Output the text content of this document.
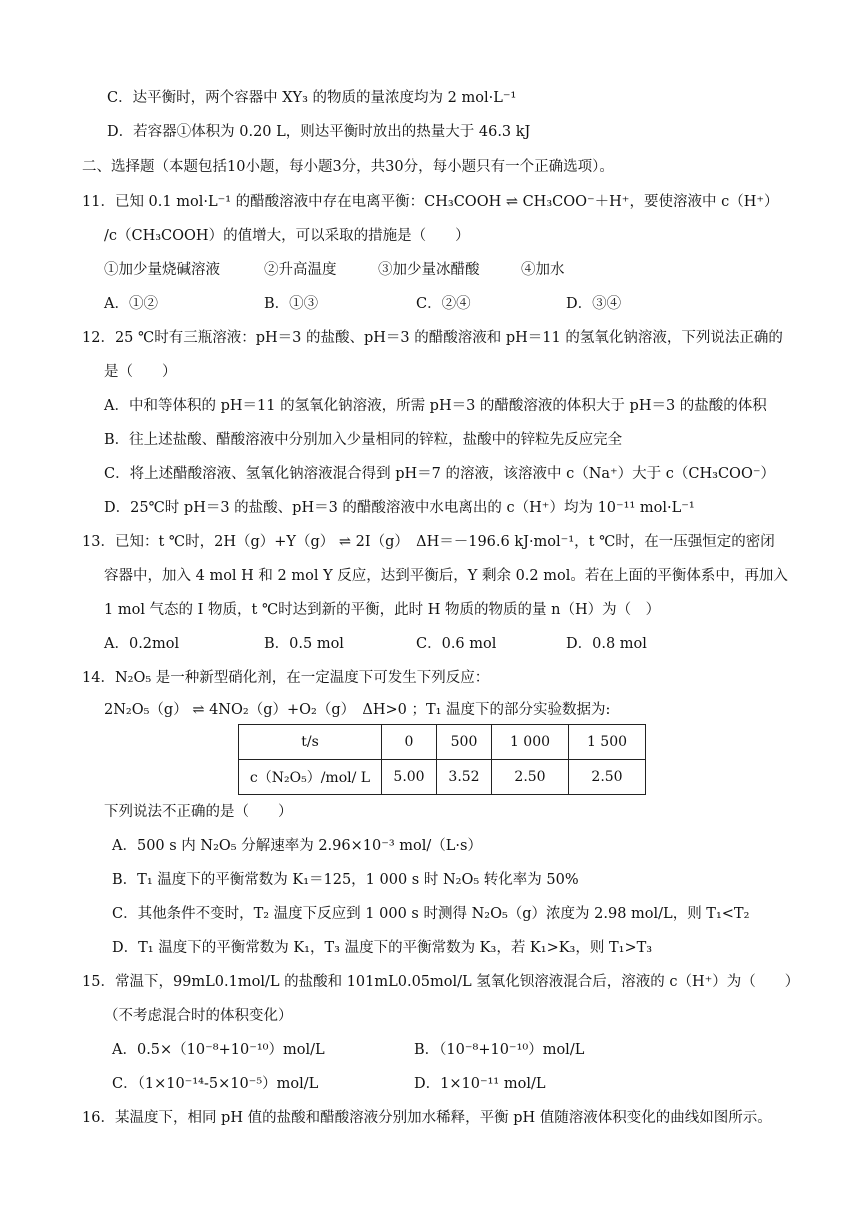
C．达平衡时，两个容器中 XY₃ 的物质的量浓度均为 2 mol·L⁻¹
D．若容器①体积为 0.20 L，则达平衡时放出的热量大于 46.3 kJ
二、选择题（本题包括10小题，每小题3分，共30分，每小题只有一个正确选项）。
11．已知 0.1 mol·L⁻¹ 的醋酸溶液中存在电离平衡：CH₃COOH ⇌ CH₃COO⁻＋H⁺，要使溶液中 c（H⁺）
/c（CH₃COOH）的值增大，可以采取的措施是（　　）
①加少量烧碱溶液	②升高温度	③加少量冰醋酸	④加水
A．①②	B．①③	C．②④	D．③④
12．25 ℃时有三瓶溶液：pH＝3 的盐酸、pH＝3 的醋酸溶液和 pH＝11 的氢氧化钠溶液，下列说法正确的
是（　　）
A．中和等体积的 pH＝11 的氢氧化钠溶液，所需 pH＝3 的醋酸溶液的体积大于 pH＝3 的盐酸的体积
B．往上述盐酸、醋酸溶液中分别加入少量相同的锌粒，盐酸中的锌粒先反应完全
C．将上述醋酸溶液、氢氧化钠溶液混合得到 pH＝7 的溶液，该溶液中 c（Na⁺）大于 c（CH₃COO⁻）
D．25℃时 pH＝3 的盐酸、pH＝3 的醋酸溶液中水电离出的 c（H⁺）均为 10⁻¹¹ mol·L⁻¹
13．已知：t ℃时，2H（g）+Y（g） ⇌ 2I（g）　ΔH＝－196.6 kJ·mol⁻¹，t ℃时，在一压强恒定的密闭
容器中，加入 4 mol H 和 2 mol Y 反应，达到平衡后，Y 剩余 0.2 mol。若在上面的平衡体系中，再加入
1 mol 气态的 I 物质，t ℃时达到新的平衡，此时 H 物质的物质的量 n（H）为（　）
A．0.2mol	B．0.5 mol	C．0.6 mol	D．0.8 mol
14．N₂O₅ 是一种新型硝化剂，在一定温度下可发生下列反应：
2N₂O₅（g） ⇌ 4NO₂（g）+O₂（g）　ΔH>0 ；T₁ 温度下的部分实验数据为:
t/s	0	500	1 000	1 500
c（N₂O₅）/mol/ L	5.00	3.52	2.50	2.50
下列说法不正确的是（　　）
A．500 s 内 N₂O₅ 分解速率为 2.96×10⁻³ mol/（L·s）
B．T₁ 温度下的平衡常数为 K₁＝125，1 000 s 时 N₂O₅ 转化率为 50%
C．其他条件不变时，T₂ 温度下反应到 1 000 s 时测得 N₂O₅（g）浓度为 2.98 mol/L，则 T₁<T₂
D．T₁ 温度下的平衡常数为 K₁，T₃ 温度下的平衡常数为 K₃，若 K₁>K₃，则 T₁>T₃
15．常温下，99mL0.1mol/L 的盐酸和 101mL0.05mol/L 氢氧化钡溶液混合后，溶液的 c（H⁺）为（　　）
（不考虑混合时的体积变化）
A．0.5×（10⁻⁸+10⁻¹⁰）mol/L	B．（10⁻⁸+10⁻¹⁰）mol/L
C．（1×10⁻¹⁴-5×10⁻⁵）mol/L	D．1×10⁻¹¹ mol/L
16．某温度下，相同 pH 值的盐酸和醋酸溶液分别加水稀释，平衡 pH 值随溶液体积变化的曲线如图所示。
